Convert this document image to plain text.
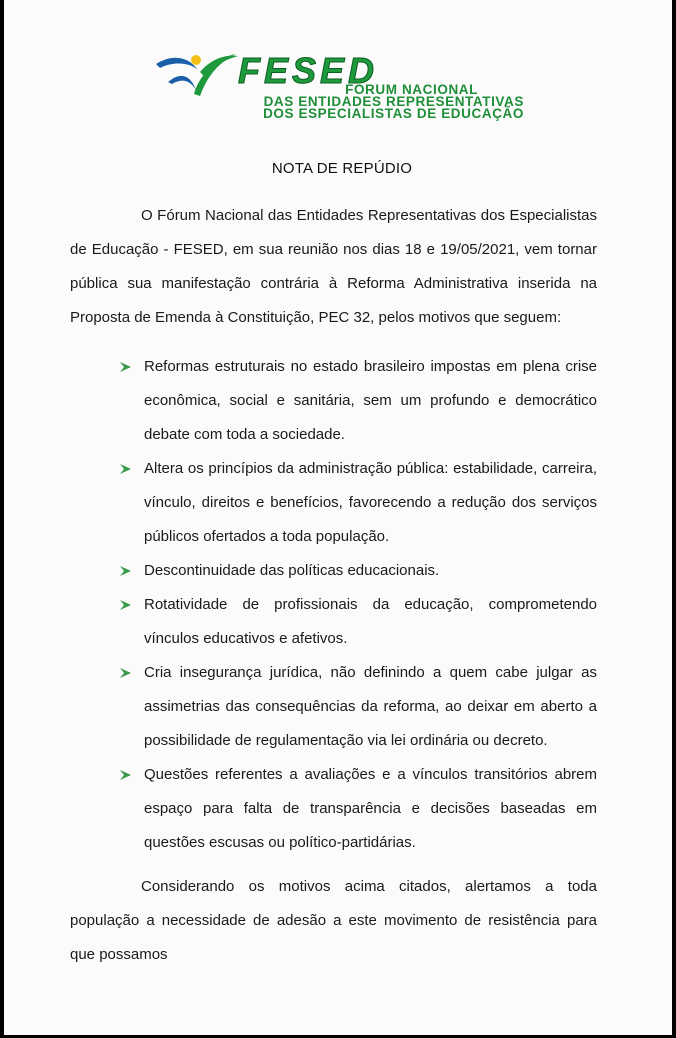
FESED
FÓRUM NACIONAL
DAS ENTIDADES REPRESENTATIVAS
DOS ESPECIALISTAS DE EDUCAÇÃO
NOTA DE REPÚDIO

O Fórum Nacional das Entidades Representativas dos Especialistas de Educação - FESED, em sua reunião nos dias 18 e 19/05/2021, vem tornar pública sua manifestação contrária à Reforma Administrativa inserida na Proposta de Emenda à Constituição, PEC 32, pelos motivos que seguem:

Reformas estruturais no estado brasileiro impostas em plena crise econômica, social e sanitária, sem um profundo e democrático debate com toda a sociedade.
Altera os princípios da administração pública: estabilidade, carreira, vínculo, direitos e benefícios, favorecendo a redução dos serviços públicos ofertados a toda população.
Descontinuidade das políticas educacionais.
Rotatividade de profissionais da educação, comprometendo vínculos educativos e afetivos.
Cria insegurança jurídica, não definindo a quem cabe julgar as assimetrias das consequências da reforma, ao deixar em aberto a possibilidade de regulamentação via lei ordinária ou decreto.
Questões referentes a avaliações e a vínculos transitórios abrem espaço para falta de transparência e decisões baseadas em questões escusas ou político-partidárias.

Considerando os motivos acima citados, alertamos a toda população a necessidade de adesão a este movimento de resistência para que possamos
